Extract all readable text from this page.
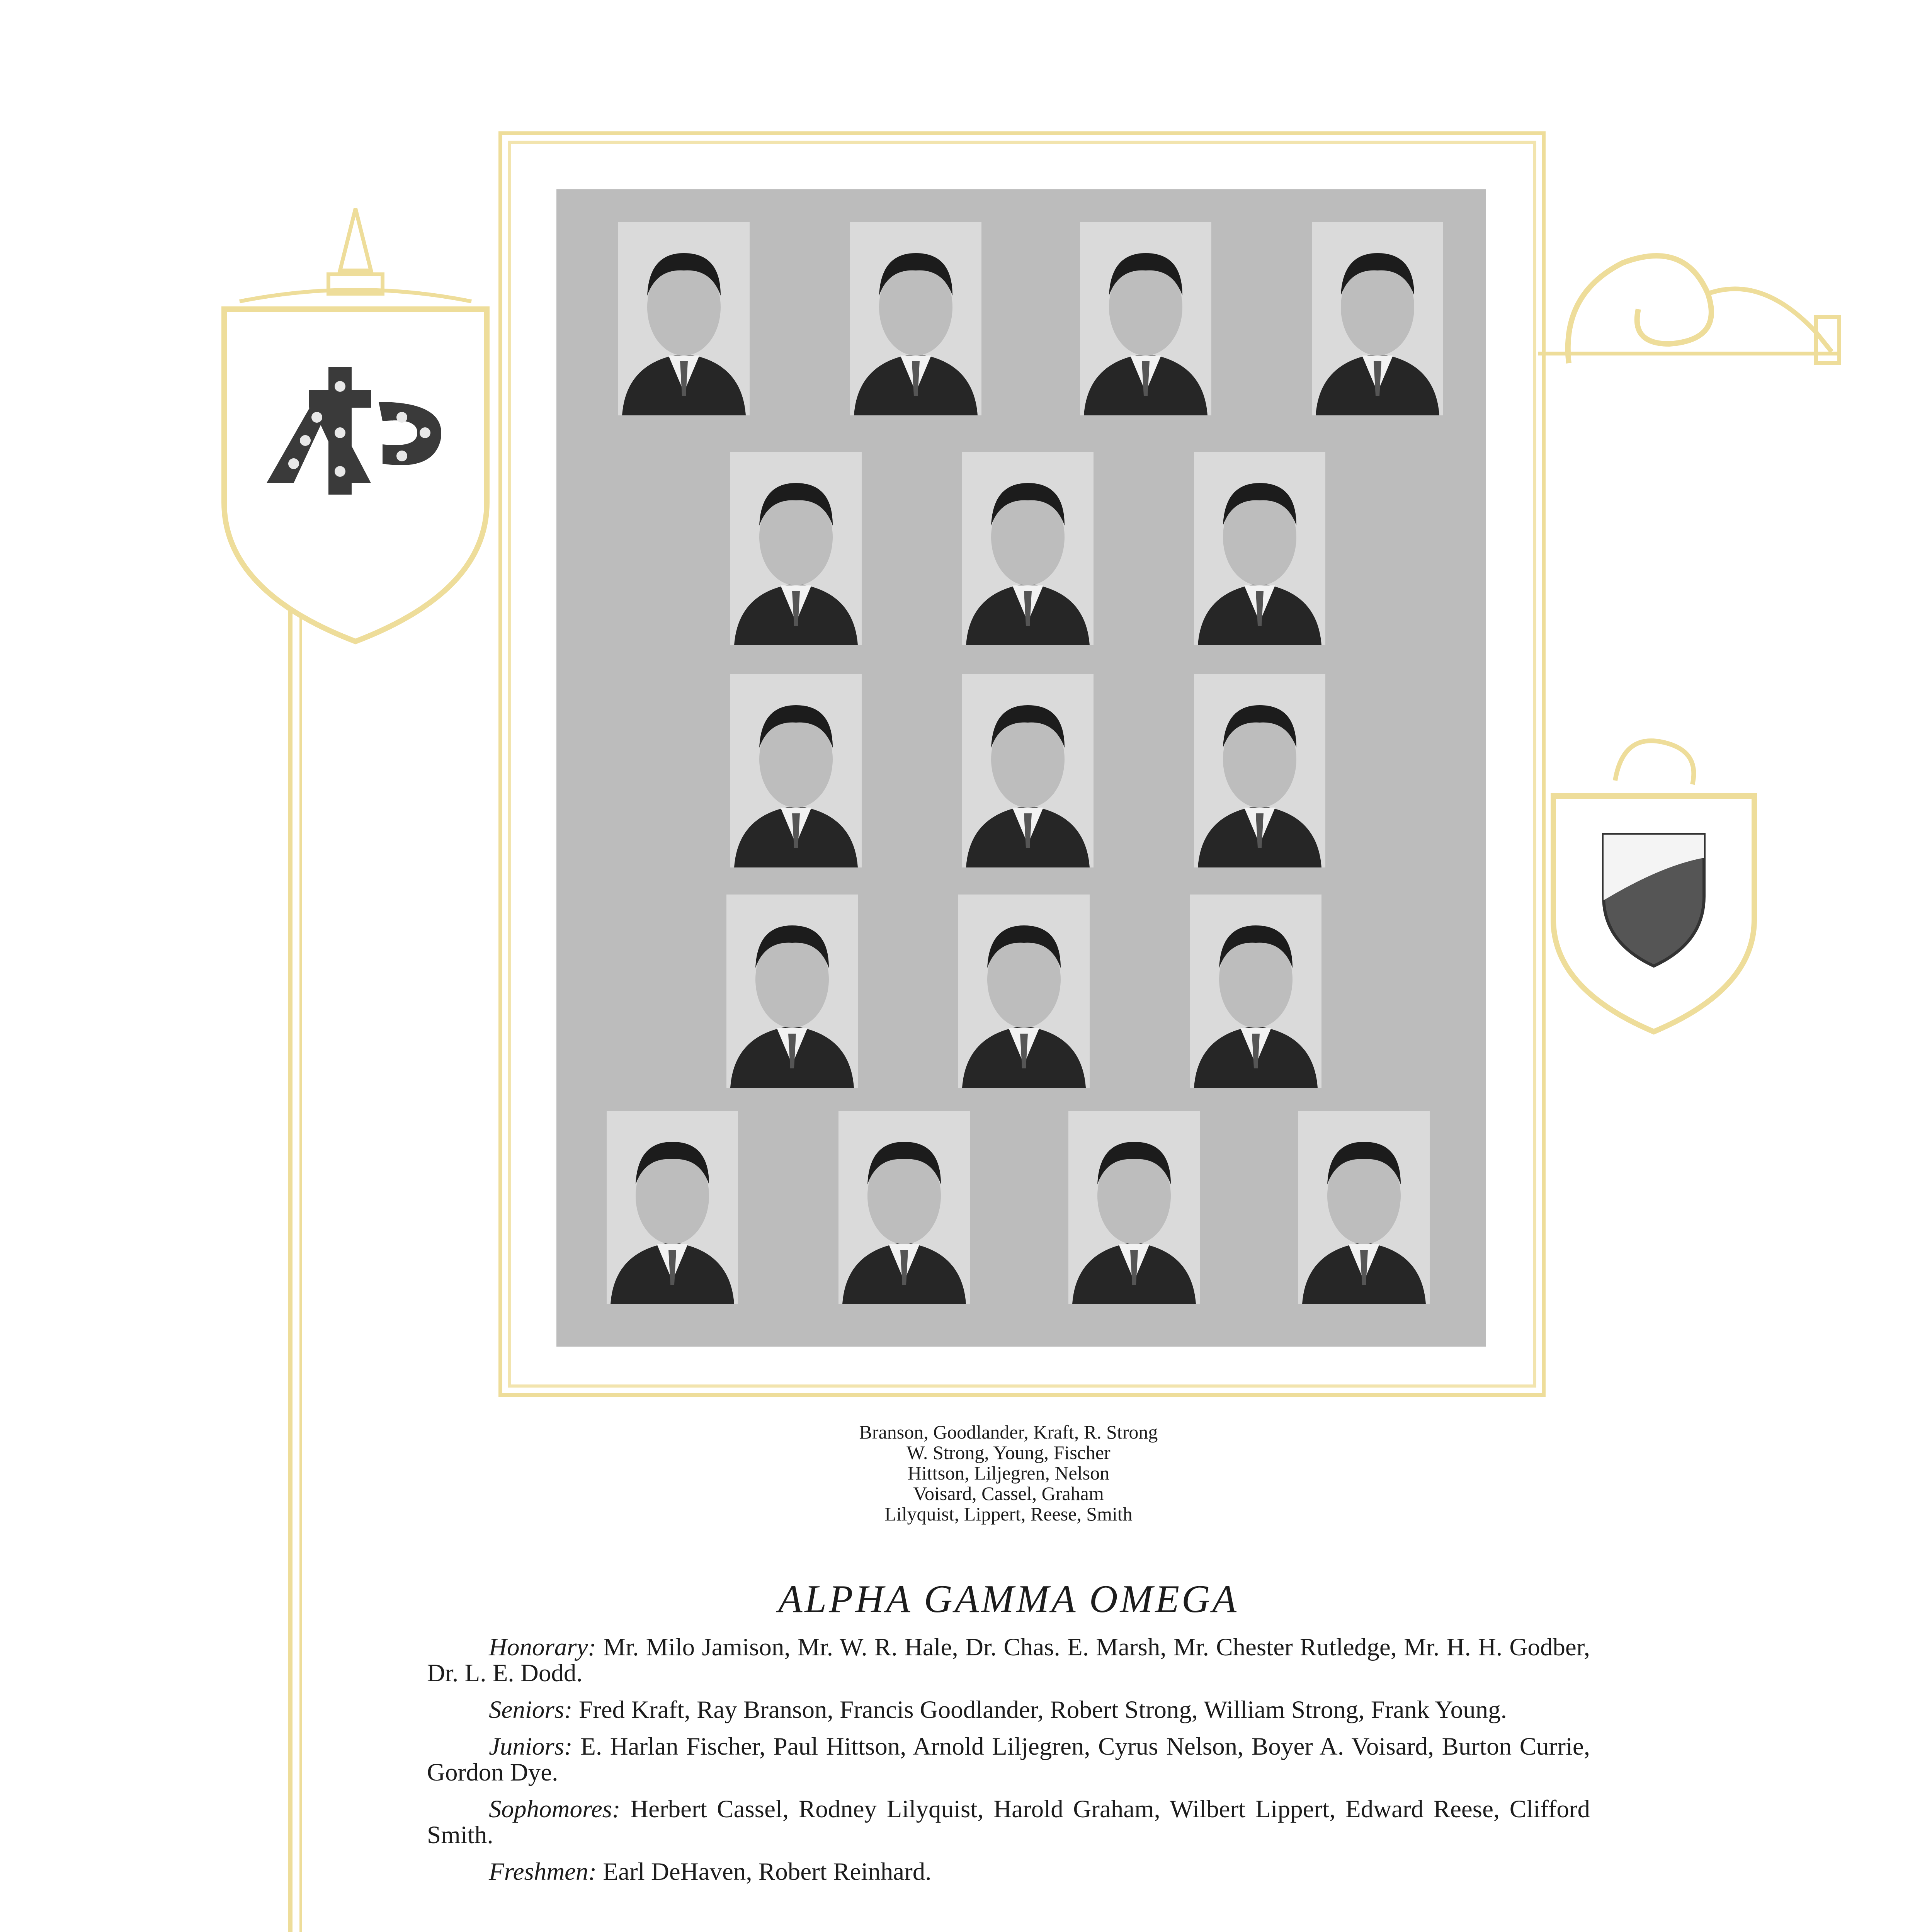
Branson, Goodlander, Kraft, R. Strong
W. Strong, Young, Fischer
Hittson, Liljegren, Nelson
Voisard, Cassel, Graham
Lilyquist, Lippert, Reese, Smith
ALPHA GAMMA OMEGA

Honorary: Mr. Milo Jamison, Mr. W. R. Hale, Dr. Chas. E. Marsh, Mr. Chester Rutledge, Mr. H. H. Godber, Dr. L. E. Dodd.

Seniors: Fred Kraft, Ray Branson, Francis Goodlander, Robert Strong, William Strong, Frank Young.

Juniors: E. Harlan Fischer, Paul Hittson, Arnold Liljegren, Cyrus Nelson, Boyer A. Voisard, Burton Currie, Gordon Dye.

Sophomores: Herbert Cassel, Rodney Lilyquist, Harold Graham, Wilbert Lippert, Edward Reese, Clifford Smith.

Freshmen: Earl DeHaven, Robert Reinhard.
